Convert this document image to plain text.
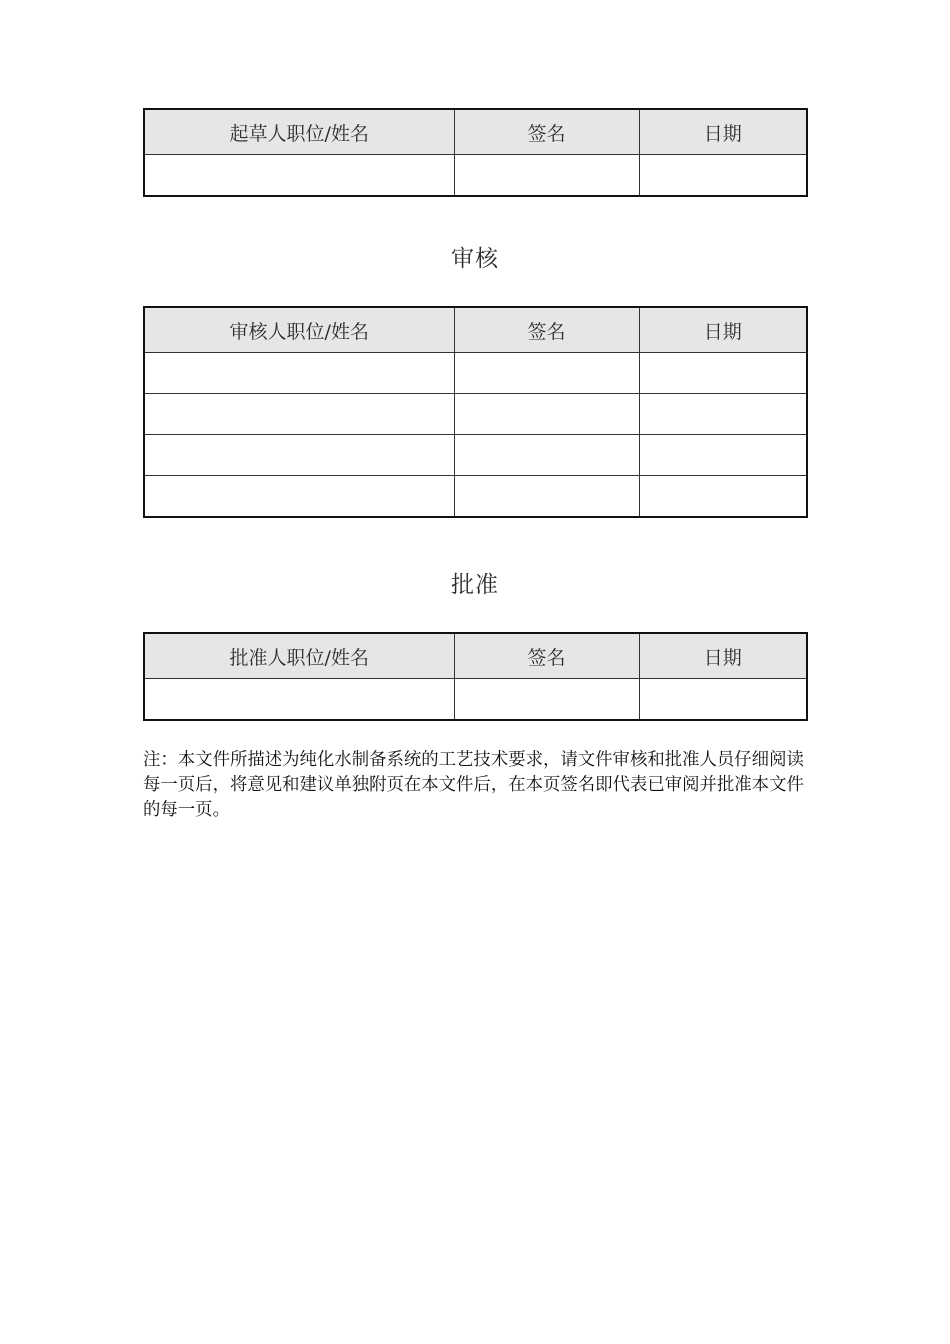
起草人职位/姓名	签名	日期

审核
审核人职位/姓名	签名	日期

批准
批准人职位/姓名	签名	日期

注：本文件所描述为纯化水制备系统的工艺技术要求，请文件审核和批准人员仔细阅读每一页后，将意见和建议单独附页在本文件后，在本页签名即代表已审阅并批准本文件的每一页。
